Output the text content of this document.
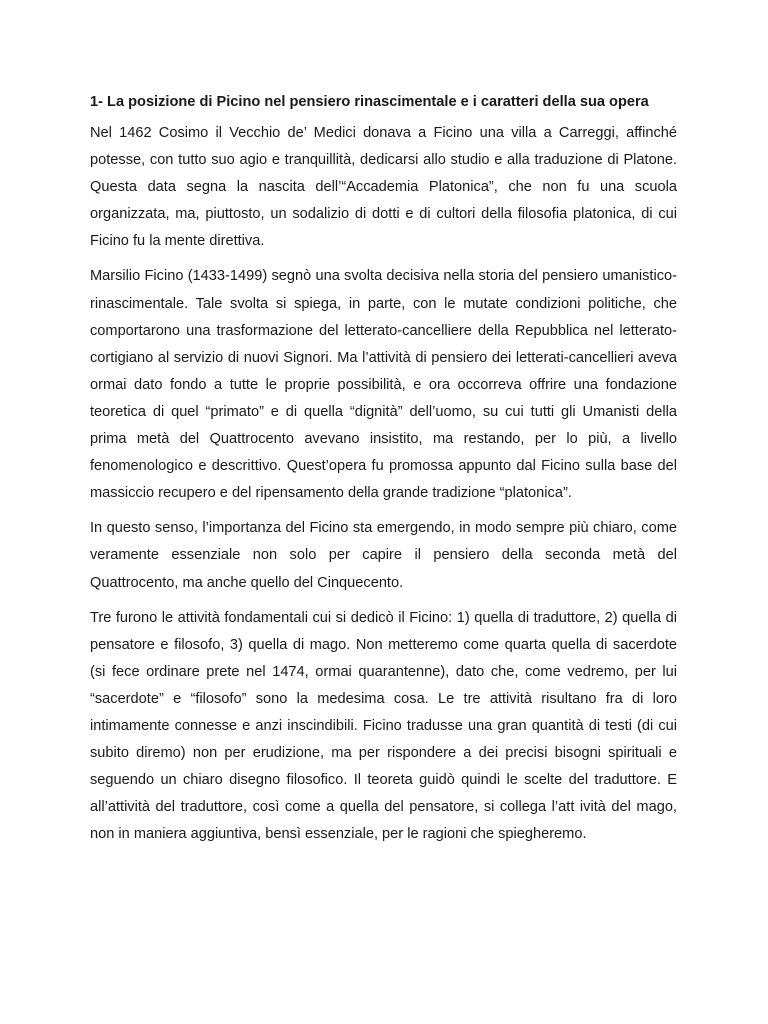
1- La posizione di Picino nel pensiero rinascimentale e i caratteri della sua opera

Nel 1462 Cosimo il Vecchio de’ Medici donava a Ficino una villa a Carreggi, affinché potesse, con tutto suo agio e tranquillità, dedicarsi allo studio e alla traduzione di Platone. Questa data segna la nascita dell’“Accademia Platonica”, che non fu una scuola organizzata, ma, piuttosto, un sodalizio di dotti e di cultori della filosofia platonica, di cui Ficino fu la mente direttiva.

Marsilio Ficino (1433-1499) segnò una svolta decisiva nella storia del pensiero umanistico-rinascimentale. Tale svolta si spiega, in parte, con le mutate condizioni politiche, che comportarono una trasformazione del letterato-cancelliere della Repubblica nel letterato-cortigiano al servizio di nuovi Signori. Ma l’attività di pensiero dei letterati-cancellieri aveva ormai dato fondo a tutte le proprie possibilità, e ora occorreva offrire una fondazione teoretica di quel “primato” e di quella “dignità” dell’uomo, su cui tutti gli Umanisti della prima metà del Quattrocento avevano insistito, ma restando, per lo più, a livello fenomenologico e descrittivo. Quest’opera fu promossa appunto dal Ficino sulla base del massiccio recupero e del ripensamento della grande tradizione “platonica”.

In questo senso, l’importanza del Ficino sta emergendo, in modo sempre più chiaro, come veramente essenziale non solo per capire il pensiero della seconda metà del Quattrocento, ma anche quello del Cinquecento.

Tre furono le attività fondamentali cui si dedicò il Ficino: 1) quella di traduttore, 2) quella di pensatore e filosofo, 3) quella di mago. Non metteremo come quarta quella di sacerdote (si fece ordinare prete nel 1474, ormai quarantenne), dato che, come vedremo, per lui “sacerdote” e “filosofo” sono la medesima cosa. Le tre attività risultano fra di loro intimamente connesse e anzi inscindibili. Ficino tradusse una gran quantità di testi (di cui subito diremo) non per erudizione, ma per rispondere a dei precisi bisogni spirituali e seguendo un chiaro disegno filosofico. Il teoreta guidò quindi le scelte del traduttore. E all’attività del traduttore, così come a quella del pensatore, si collega l’att ività del mago, non in maniera aggiuntiva, bensì essenziale, per le ragioni che spiegheremo.
